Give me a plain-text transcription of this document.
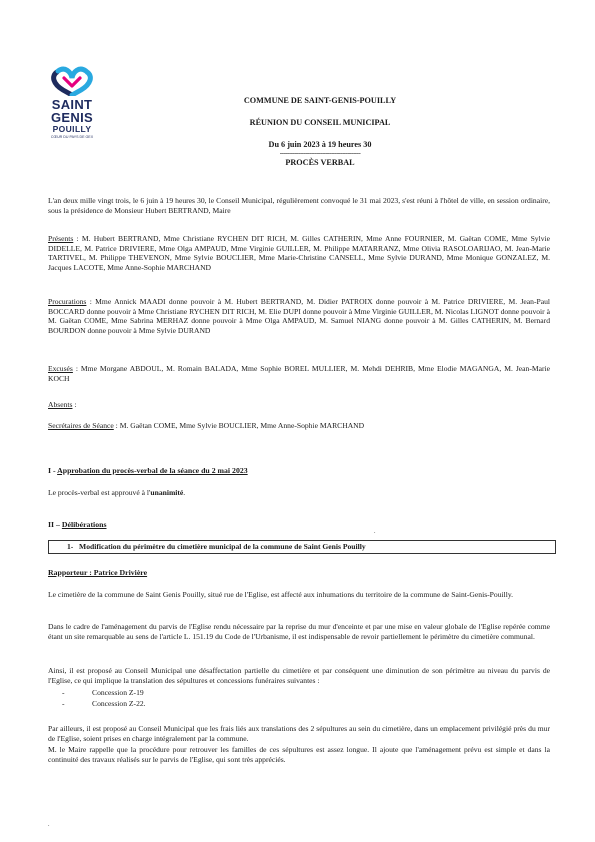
SAINT
GENIS
POUILLY
CŒUR DU PAYS DE GEX
COMMUNE DE SAINT-GENIS-POUILLY
RÉUNION DU CONSEIL MUNICIPAL
Du 6 juin 2023 à 19 heures 30
--------------------------------------------
PROCÈS VERBAL
L'an deux mille vingt trois, le 6 juin à 19 heures 30, le Conseil Municipal, régulièrement convoqué le 31 mai 2023, s'est réuni à l'hôtel de ville, en session ordinaire, sous la présidence de Monsieur Hubert BERTRAND, Maire
Présents : M. Hubert BERTRAND, Mme Christiane RYCHEN DIT RICH, M. Gilles CATHERIN, Mme Anne FOURNIER, M. Gaëtan COME, Mme Sylvie DIDELLE, M. Patrice DRIVIERE, Mme Olga AMPAUD, Mme Virginie GUILLER, M. Philippe MATARRANZ, Mme Olivia RASOLOARIJAO, M. Jean-Marie TARTIVEL, M. Philippe THEVENON, Mme Sylvie BOUCLIER, Mme Marie-Christine CANSELL, Mme Sylvie DURAND, Mme Monique GONZALEZ, M. Jacques LACOTE, Mme Anne-Sophie MARCHAND
Procurations : Mme Annick MAADI donne pouvoir à M. Hubert BERTRAND, M. Didier PATROIX donne pouvoir à M. Patrice DRIVIERE, M. Jean-Paul BOCCARD donne pouvoir à Mme Christiane RYCHEN DIT RICH, M. Elie DUPI donne pouvoir à Mme Virginie GUILLER, M. Nicolas LIGNOT donne pouvoir à M. Gaëtan COME, Mme Sabrina MERHAZ donne pouvoir à Mme Olga AMPAUD, M. Samuel NIANG donne pouvoir à M. Gilles CATHERIN, M. Bernard BOURDON donne pouvoir à Mme Sylvie DURAND
Excusés : Mme Morgane ABDOUL, M. Romain BALADA, Mme Sophie BOREL MULLIER, M. Mehdi DEHRIB, Mme Elodie MAGANGA, M. Jean-Marie KOCH
Absents :
Secrétaires de Séance : M. Gaëtan COME, Mme Sylvie BOUCLIER, Mme Anne-Sophie MARCHAND
I - Approbation du procès-verbal de la séance du 2 mai 2023
Le procès-verbal est approuvé à l'unanimité.
II – Délibérations
.
1- Modification du périmètre du cimetière municipal de la commune de Saint Genis Pouilly
Rapporteur : Patrice Drivière
Le cimetière de la commune de Saint Genis Pouilly, situé rue de l'Eglise, est affecté aux inhumations du territoire de la commune de Saint-Genis-Pouilly.
Dans le cadre de l'aménagement du parvis de l'Eglise rendu nécessaire par la reprise du mur d'enceinte et par une mise en valeur globale de l'Eglise repérée comme étant un site remarquable au sens de l'article L. 151.19 du Code de l'Urbanisme, il est indispensable de revoir partiellement le périmètre du cimetière communal.
Ainsi, il est proposé au Conseil Municipal une désaffectation partielle du cimetière et par conséquent une diminution de son périmètre au niveau du parvis de l'Eglise, ce qui implique la translation des sépultures et concessions funéraires suivantes :
-	Concession Z-19
-	Concession Z-22.
Par ailleurs, il est proposé au Conseil Municipal que les frais liés aux translations des 2 sépultures au sein du cimetière, dans un emplacement privilégié près du mur de l'Eglise, soient prises en charge intégralement par la commune.
M. le Maire rappelle que la procédure pour retrouver les familles de ces sépultures est assez longue. Il ajoute que l'aménagement prévu est simple et dans la continuité des travaux réalisés sur le parvis de l'Eglise, qui sont très appréciés.
.
